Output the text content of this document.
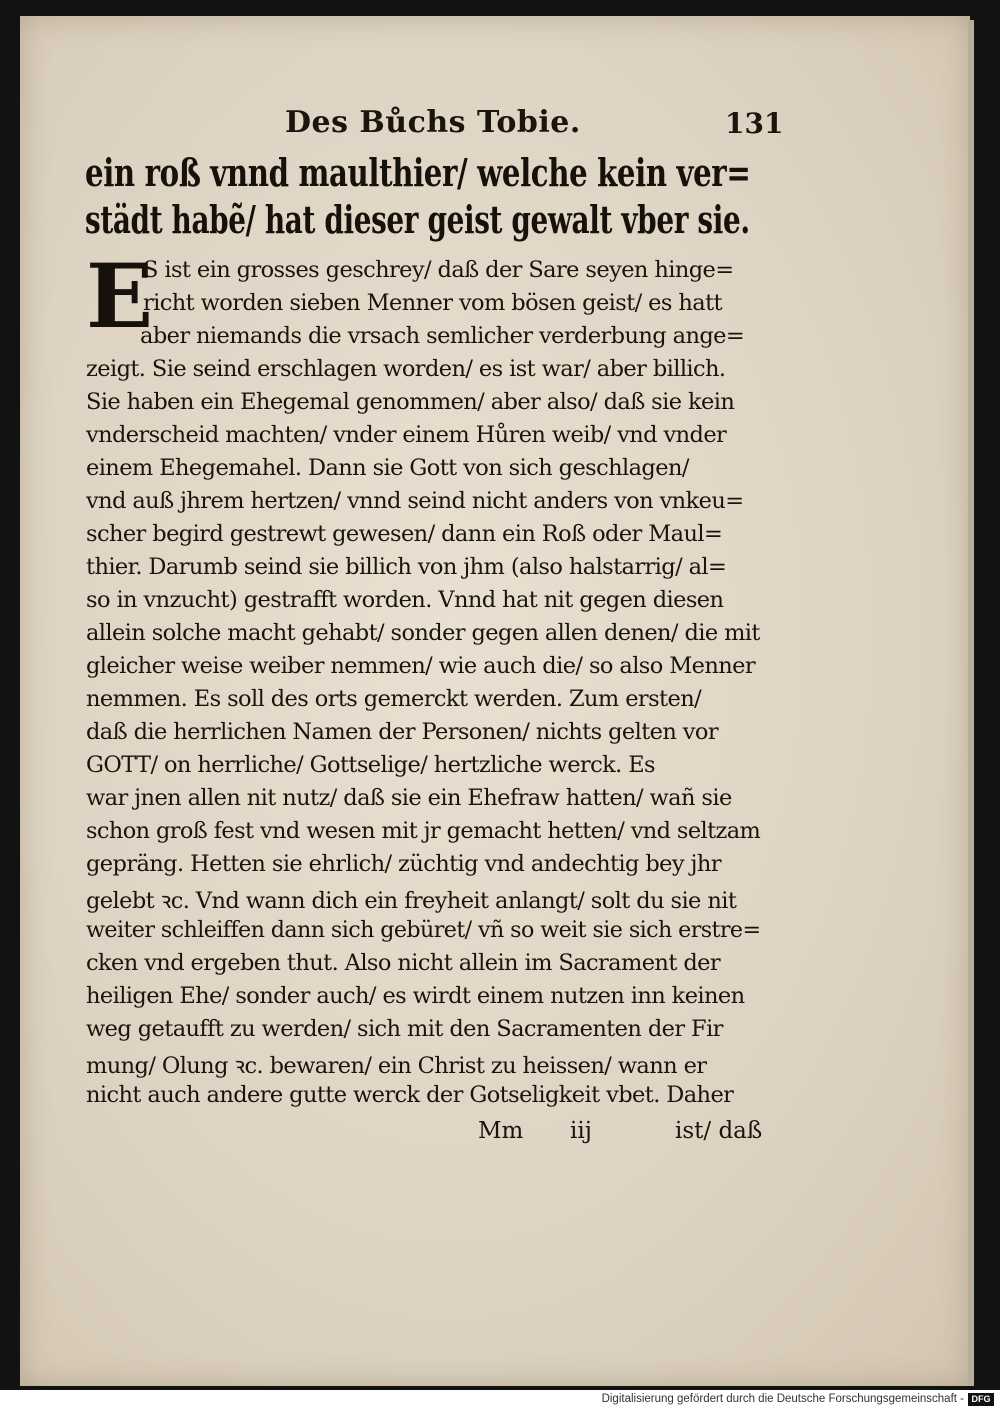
Des Bůchs Tobie.	131
ein roß vnnd maulthier/ welche kein ver=
städt habẽ/ hat dieser geist gewalt vber sie.
E
S ist ein grosses geschrey/ daß der Sare seyen hinge=
richt worden sieben Menner vom bösen geist/ es hatt
aber niemands die vrsach semlicher verderbung ange=
zeigt. Sie seind erschlagen worden/ es ist war/ aber billich.
Sie haben ein Ehegemal genommen/ aber also/ daß sie kein
vnderscheid machten/ vnder einem Hůren weib/ vnd vnder
einem Ehegemahel. Dann sie Gott von sich geschlagen/
vnd auß jhrem hertzen/ vnnd seind nicht anders von vnkeu=
scher begird gestrewt gewesen/ dann ein Roß oder Maul=
thier. Darumb seind sie billich von jhm (also halstarrig/ al=
so in vnzucht) gestrafft worden. Vnnd hat nit gegen diesen
allein solche macht gehabt/ sonder gegen allen denen/ die mit
gleicher weise weiber nemmen/ wie auch die/ so also Menner
nemmen. Es soll des orts gemerckt werden. Zum ersten/
daß die herrlichen Namen der Personen/ nichts gelten vor
GOTT/ on herrliche/ Gottselige/ hertzliche werck. Es
war jnen allen nit nutz/ daß sie ein Ehefraw hatten/ wañ sie
schon groß fest vnd wesen mit jr gemacht hetten/ vnd seltzam
gepräng. Hetten sie ehrlich/ züchtig vnd andechtig bey jhr
gelebt ꝛc. Vnd wann dich ein freyheit anlangt/ solt du sie nit
weiter schleiffen dann sich gebüret/ vñ so weit sie sich erstre=
cken vnd ergeben thut. Also nicht allein im Sacrament der
heiligen Ehe/ sonder auch/ es wirdt einem nutzen inn keinen
weg getaufft zu werden/ sich mit den Sacramenten der Fir
mung/ Olung ꝛc. bewaren/ ein Christ zu heissen/ wann er
nicht auch andere gutte werck der Gotseligkeit vbet. Daher
Mm iij	ist/ daß
Digitalisierung gefördert durch die Deutsche Forschungsgemeinschaft - DFG
